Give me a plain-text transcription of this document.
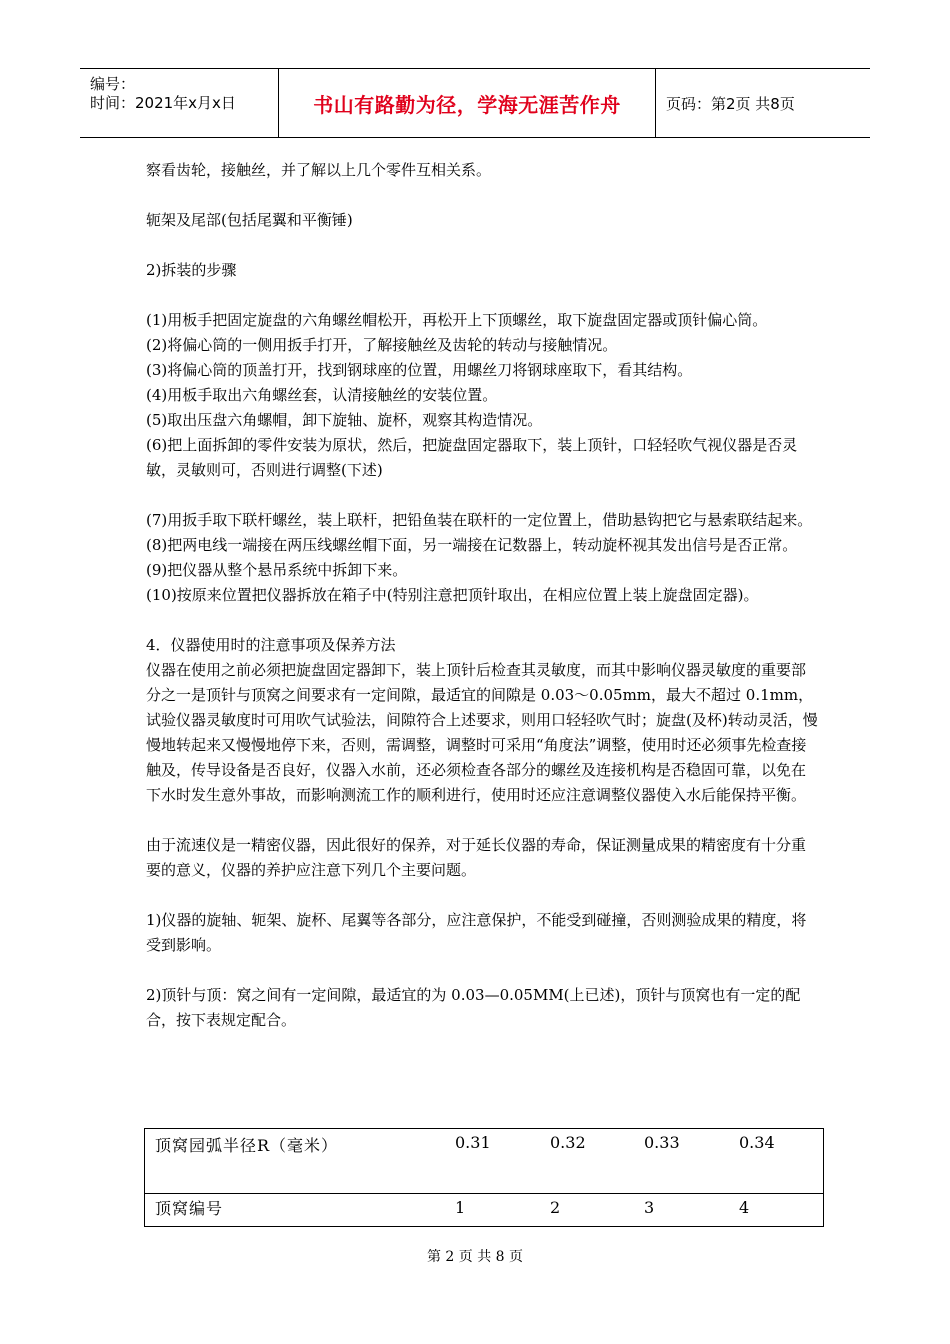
编号：
时间：2021年x月x日	书山有路勤为径，学海无涯苦作舟	页码：第2页 共8页

察看齿轮，接触丝，并了解以上几个零件互相关系。

轭架及尾部(包括尾翼和平衡锤)

2)拆装的步骤

(1)用板手把固定旋盘的六角螺丝帽松开，再松开上下顶螺丝，取下旋盘固定器或顶针偏心筒。

(2)将偏心筒的一侧用扳手打开，了解接触丝及齿轮的转动与接触情况。

(3)将偏心筒的顶盖打开，找到钢球座的位置，用螺丝刀将钢球座取下，看其结构。

(4)用板手取出六角螺丝套，认清接触丝的安装位置。

(5)取出压盘六角螺帽，卸下旋轴、旋杯，观察其构造情况。

(6)把上面拆卸的零件安装为原状，然后，把旋盘固定器取下，装上顶针，口轻轻吹气视仪器是否灵敏，灵敏则可，否则进行调整(下述)

(7)用扳手取下联杆螺丝，装上联杆，把铅鱼装在联杆的一定位置上，借助悬钩把它与悬索联结起来。

(8)把两电线一端接在两压线螺丝帽下面，另一端接在记数器上，转动旋杯视其发出信号是否正常。

(9)把仪器从整个悬吊系统中拆卸下来。

(10)按原来位置把仪器拆放在箱子中(特别注意把顶针取出，在相应位置上装上旋盘固定器)。

4．仪器使用时的注意事项及保养方法

仪器在使用之前必须把旋盘固定器卸下，装上顶针后检查其灵敏度，而其中影响仪器灵敏度的重要部分之一是顶针与顶窝之间要求有一定间隙，最适宜的间隙是 0.03～0.05mm，最大不超过 0.1mm，试验仪器灵敏度时可用吹气试验法，间隙符合上述要求，则用口轻轻吹气时；旋盘(及杯)转动灵活，慢慢地转起来又慢慢地停下来，否则，需调整，调整时可采用“角度法”调整，使用时还必须事先检查接触及，传导设备是否良好，仪器入水前，还必须检查各部分的螺丝及连接机构是否稳固可靠，以免在下水时发生意外事故，而影响测流工作的顺利进行，使用时还应注意调整仪器使入水后能保持平衡。

由于流速仪是一精密仪器，因此很好的保养，对于延长仪器的寿命，保证测量成果的精密度有十分重要的意义，仪器的养护应注意下列几个主要问题。

1)仪器的旋轴、轭架、旋杯、尾翼等各部分，应注意保护，不能受到碰撞，否则测验成果的精度，将受到影响。

2)顶针与顶：窝之间有一定间隙，最适宜的为 0.03—0.05MM(上已述)，顶针与顶窝也有一定的配合，按下表规定配合。

顶窝园弧半径R（毫米）	0.31	0.32	0.33	0.34

顶窝编号	1	2	3	4
第 2 页 共 8 页
